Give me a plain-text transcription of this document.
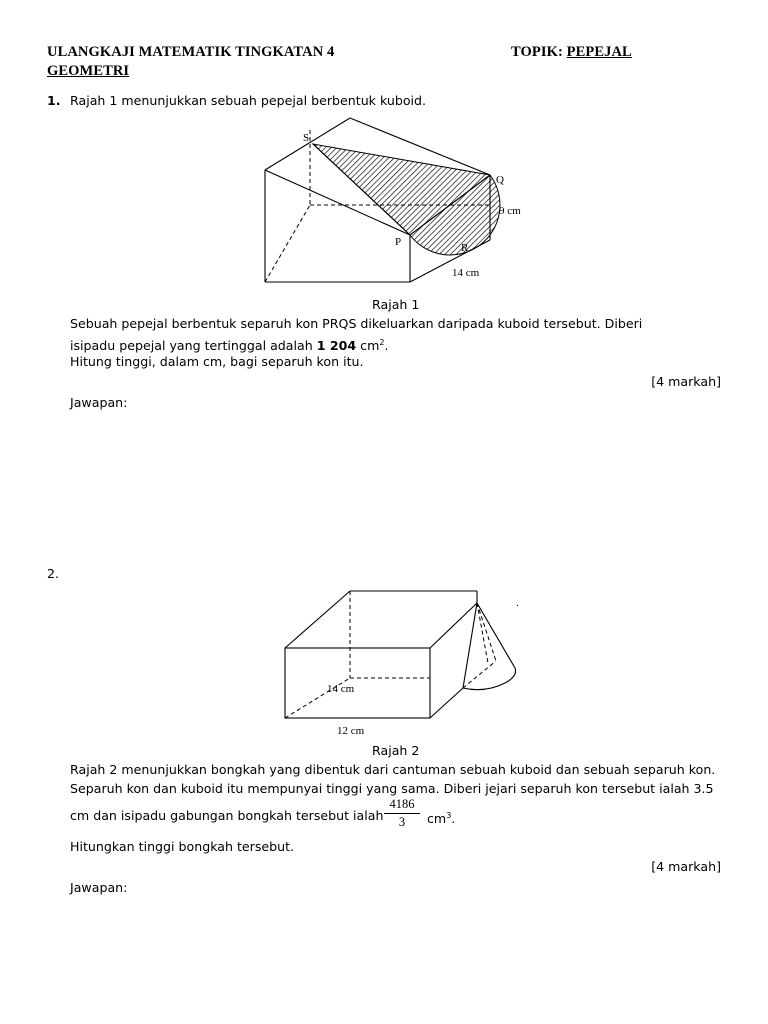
ULANGKAJI MATEMATIK TINGKATAN 4	TOPIK: PEPEJAL
GEOMETRI
1. Rajah 1 menunjukkan sebuah pepejal berbentuk kuboid.
S
Q
P	R
9 cm
14 cm
Rajah 1
Sebuah pepejal berbentuk separuh kon PRQS dikeluarkan daripada kuboid tersebut. Diberi
isipadu pepejal yang tertinggal adalah 1 204 $cm^2$.
Hitung tinggi, dalam cm, bagi separuh kon itu.
[4 markah]
Jawapan:
2.
.
14 cm
12 cm
Rajah 2
Rajah 2 menunjukkan bongkah yang dibentuk dari cantuman sebuah kuboid dan sebuah separuh kon.
Separuh kon dan kuboid itu mempunyai tinggi yang sama. Diberi jejari separuh kon tersebut ialah 3.5
cm dan isipadu gabungan bongkah tersebut ialah
4186
3	$cm^3$.
Hitungkan tinggi bongkah tersebut.
[4 markah]
Jawapan:
